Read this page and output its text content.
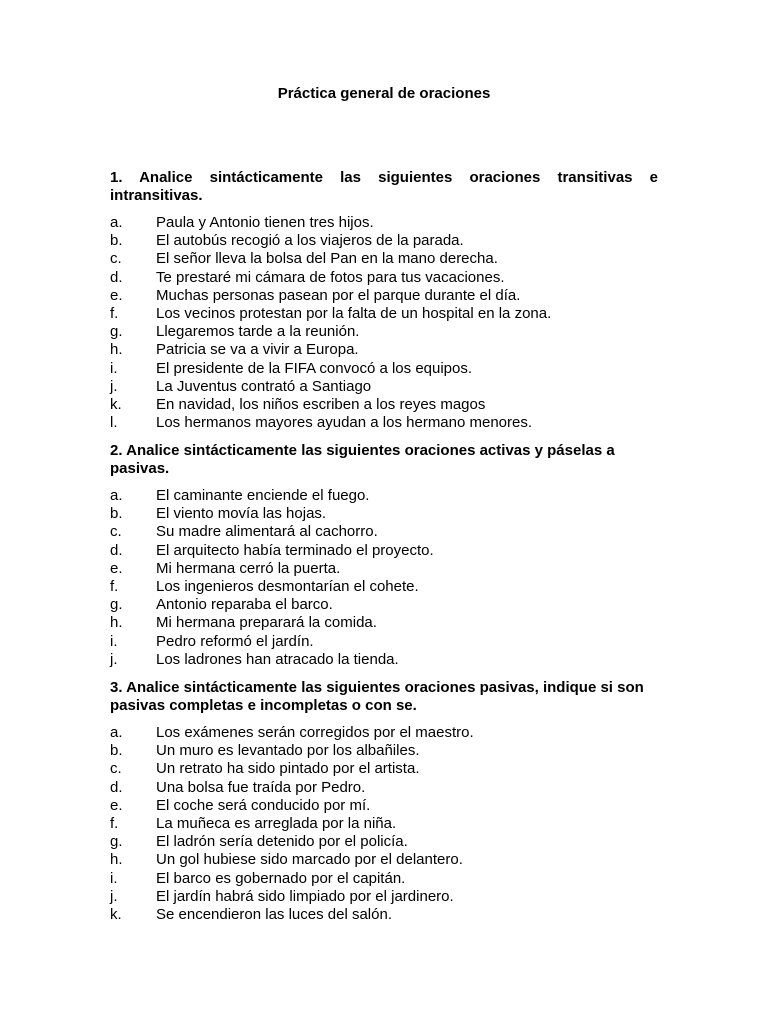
Práctica general de oraciones
1. Analice sintácticamente las siguientes oraciones transitivas e intransitivas.
a.	Paula y Antonio tienen tres hijos.
b.	El autobús recogió a los viajeros de la parada.
c.	El señor lleva la bolsa del Pan en la mano derecha.
d.	Te prestaré mi cámara de fotos para tus vacaciones.
e.	Muchas personas pasean por el parque durante el día.
f.	Los vecinos protestan por la falta de un hospital en la zona.
g.	Llegaremos tarde a la reunión.
h.	Patricia se va a vivir a Europa.
i.	El presidente de la FIFA convocó a los equipos.
j.	La Juventus contrató a Santiago
k.	En navidad, los niños escriben a los reyes magos
l.	Los hermanos mayores ayudan a los hermano menores.
2. Analice sintácticamente las siguientes oraciones activas y páselas a pasivas.
a.	El caminante enciende el fuego.
b.	El viento movía las hojas.
c.	Su madre alimentará al cachorro.
d.	El arquitecto había terminado el proyecto.
e.	Mi hermana cerró la puerta.
f.	Los ingenieros desmontarían el cohete.
g.	Antonio reparaba el barco.
h.	Mi hermana preparará la comida.
i.	Pedro reformó el jardín.
j.	Los ladrones han atracado la tienda.
3. Analice sintácticamente las siguientes oraciones pasivas, indique si son pasivas completas e incompletas o con se.
a.	Los exámenes serán corregidos por el maestro.
b.	Un muro es levantado por los albañiles.
c.	Un retrato ha sido pintado por el artista.
d.	Una bolsa fue traída por Pedro.
e.	El coche será conducido por mí.
f.	La muñeca es arreglada por la niña.
g.	El ladrón sería detenido por el policía.
h.	Un gol hubiese sido marcado por el delantero.
i.	El barco es gobernado por el capitán.
j.	El jardín habrá sido limpiado por el jardinero.
k.	Se encendieron las luces del salón.
